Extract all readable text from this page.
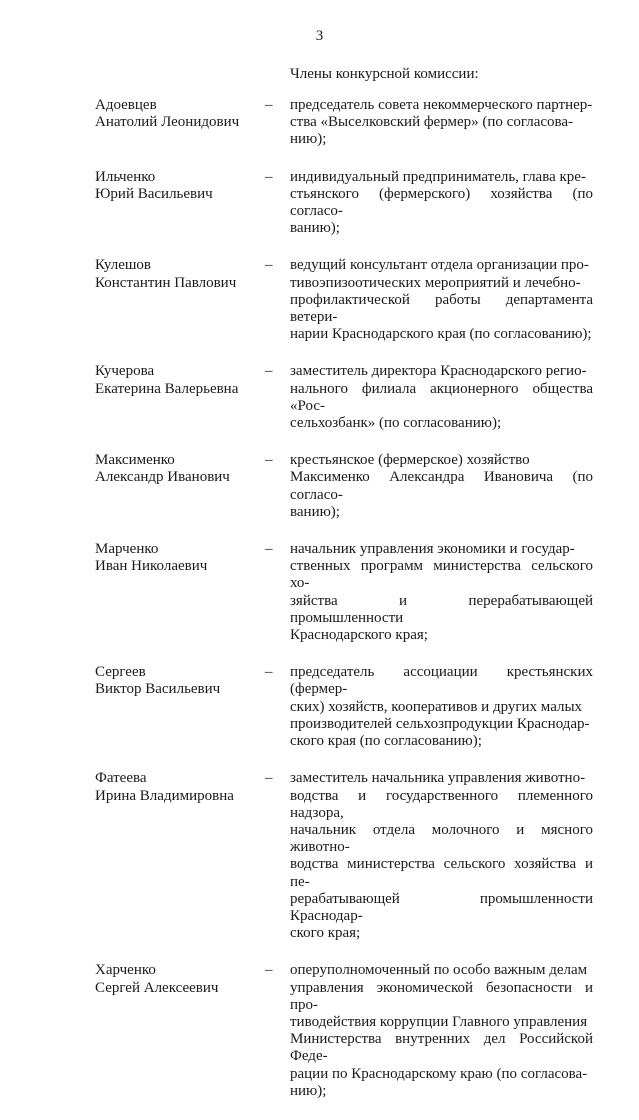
3
Члены конкурсной комиссии:
Адоевцев
Анатолий Леонидович
– председатель совета некоммерческого партнер-
ства «Выселковский фермер» (по согласова-
нию);
Ильченко
Юрий Васильевич
– индивидуальный предприниматель, глава кре-
стьянского (фермерского) хозяйства (по согласо-
ванию);
Кулешов
Константин Павлович
– ведущий консультант отдела организации про-
тивоэпизоотических мероприятий и лечебно-
профилактической работы департамента ветери-
нарии Краснодарского края (по согласованию);
Кучерова
Екатерина Валерьевна
– заместитель директора Краснодарского регио-
нального филиала акционерного общества «Рос-
сельхозбанк» (по согласованию);
Максименко
Александр Иванович
– крестьянское (фермерское) хозяйство
Максименко Александра Ивановича (по согласо-
ванию);
Марченко
Иван Николаевич
– начальник управления экономики и государ-
ственных программ министерства сельского хо-
зяйства и перерабатывающей промышленности
Краснодарского края;
Сергеев
Виктор Васильевич
– председатель ассоциации крестьянских (фермер-
ских) хозяйств, кооперативов и других малых
производителей сельхозпродукции Краснодар-
ского края (по согласованию);
Фатеева
Ирина Владимировна
– заместитель начальника управления животно-
водства и государственного племенного надзора,
начальник отдела молочного и мясного животно-
водства министерства сельского хозяйства и пе-
рерабатывающей промышленности Краснодар-
ского края;
Харченко
Сергей Алексеевич
– оперуполномоченный по особо важным делам
управления экономической безопасности и про-
тиводействия коррупции Главного управления
Министерства внутренних дел Российской Феде-
рации по Краснодарскому краю (по согласова-
нию);
